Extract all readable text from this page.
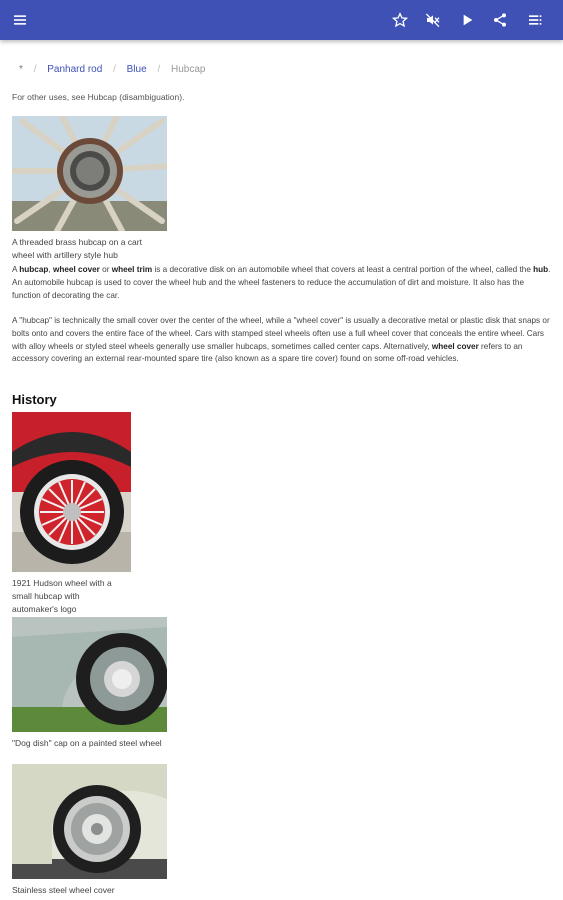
* / Panhard rod / Blue / Hubcap
For other uses, see Hubcap (disambiguation).
A threaded brass hubcap on a cart wheel with artillery style hub

A hubcap, wheel cover or wheel trim is a decorative disk on an automobile wheel that covers at least a central portion of the wheel, called the hub. An automobile hubcap is used to cover the wheel hub and the wheel fasteners to reduce the accumulation of dirt and moisture. It also has the function of decorating the car.

A "hubcap" is technically the small cover over the center of the wheel, while a "wheel cover" is usually a decorative metal or plastic disk that snaps or bolts onto and covers the entire face of the wheel. Cars with stamped steel wheels often use a full wheel cover that conceals the entire wheel. Cars with alloy wheels or styled steel wheels generally use smaller hubcaps, sometimes called center caps. Alternatively, wheel cover refers to an accessory covering an external rear-mounted spare tire (also known as a spare tire cover) found on some off-road vehicles.

History
1921 Hudson wheel with a small hubcap with automaker's logo
"Dog dish" cap on a painted steel wheel
Stainless steel wheel cover
